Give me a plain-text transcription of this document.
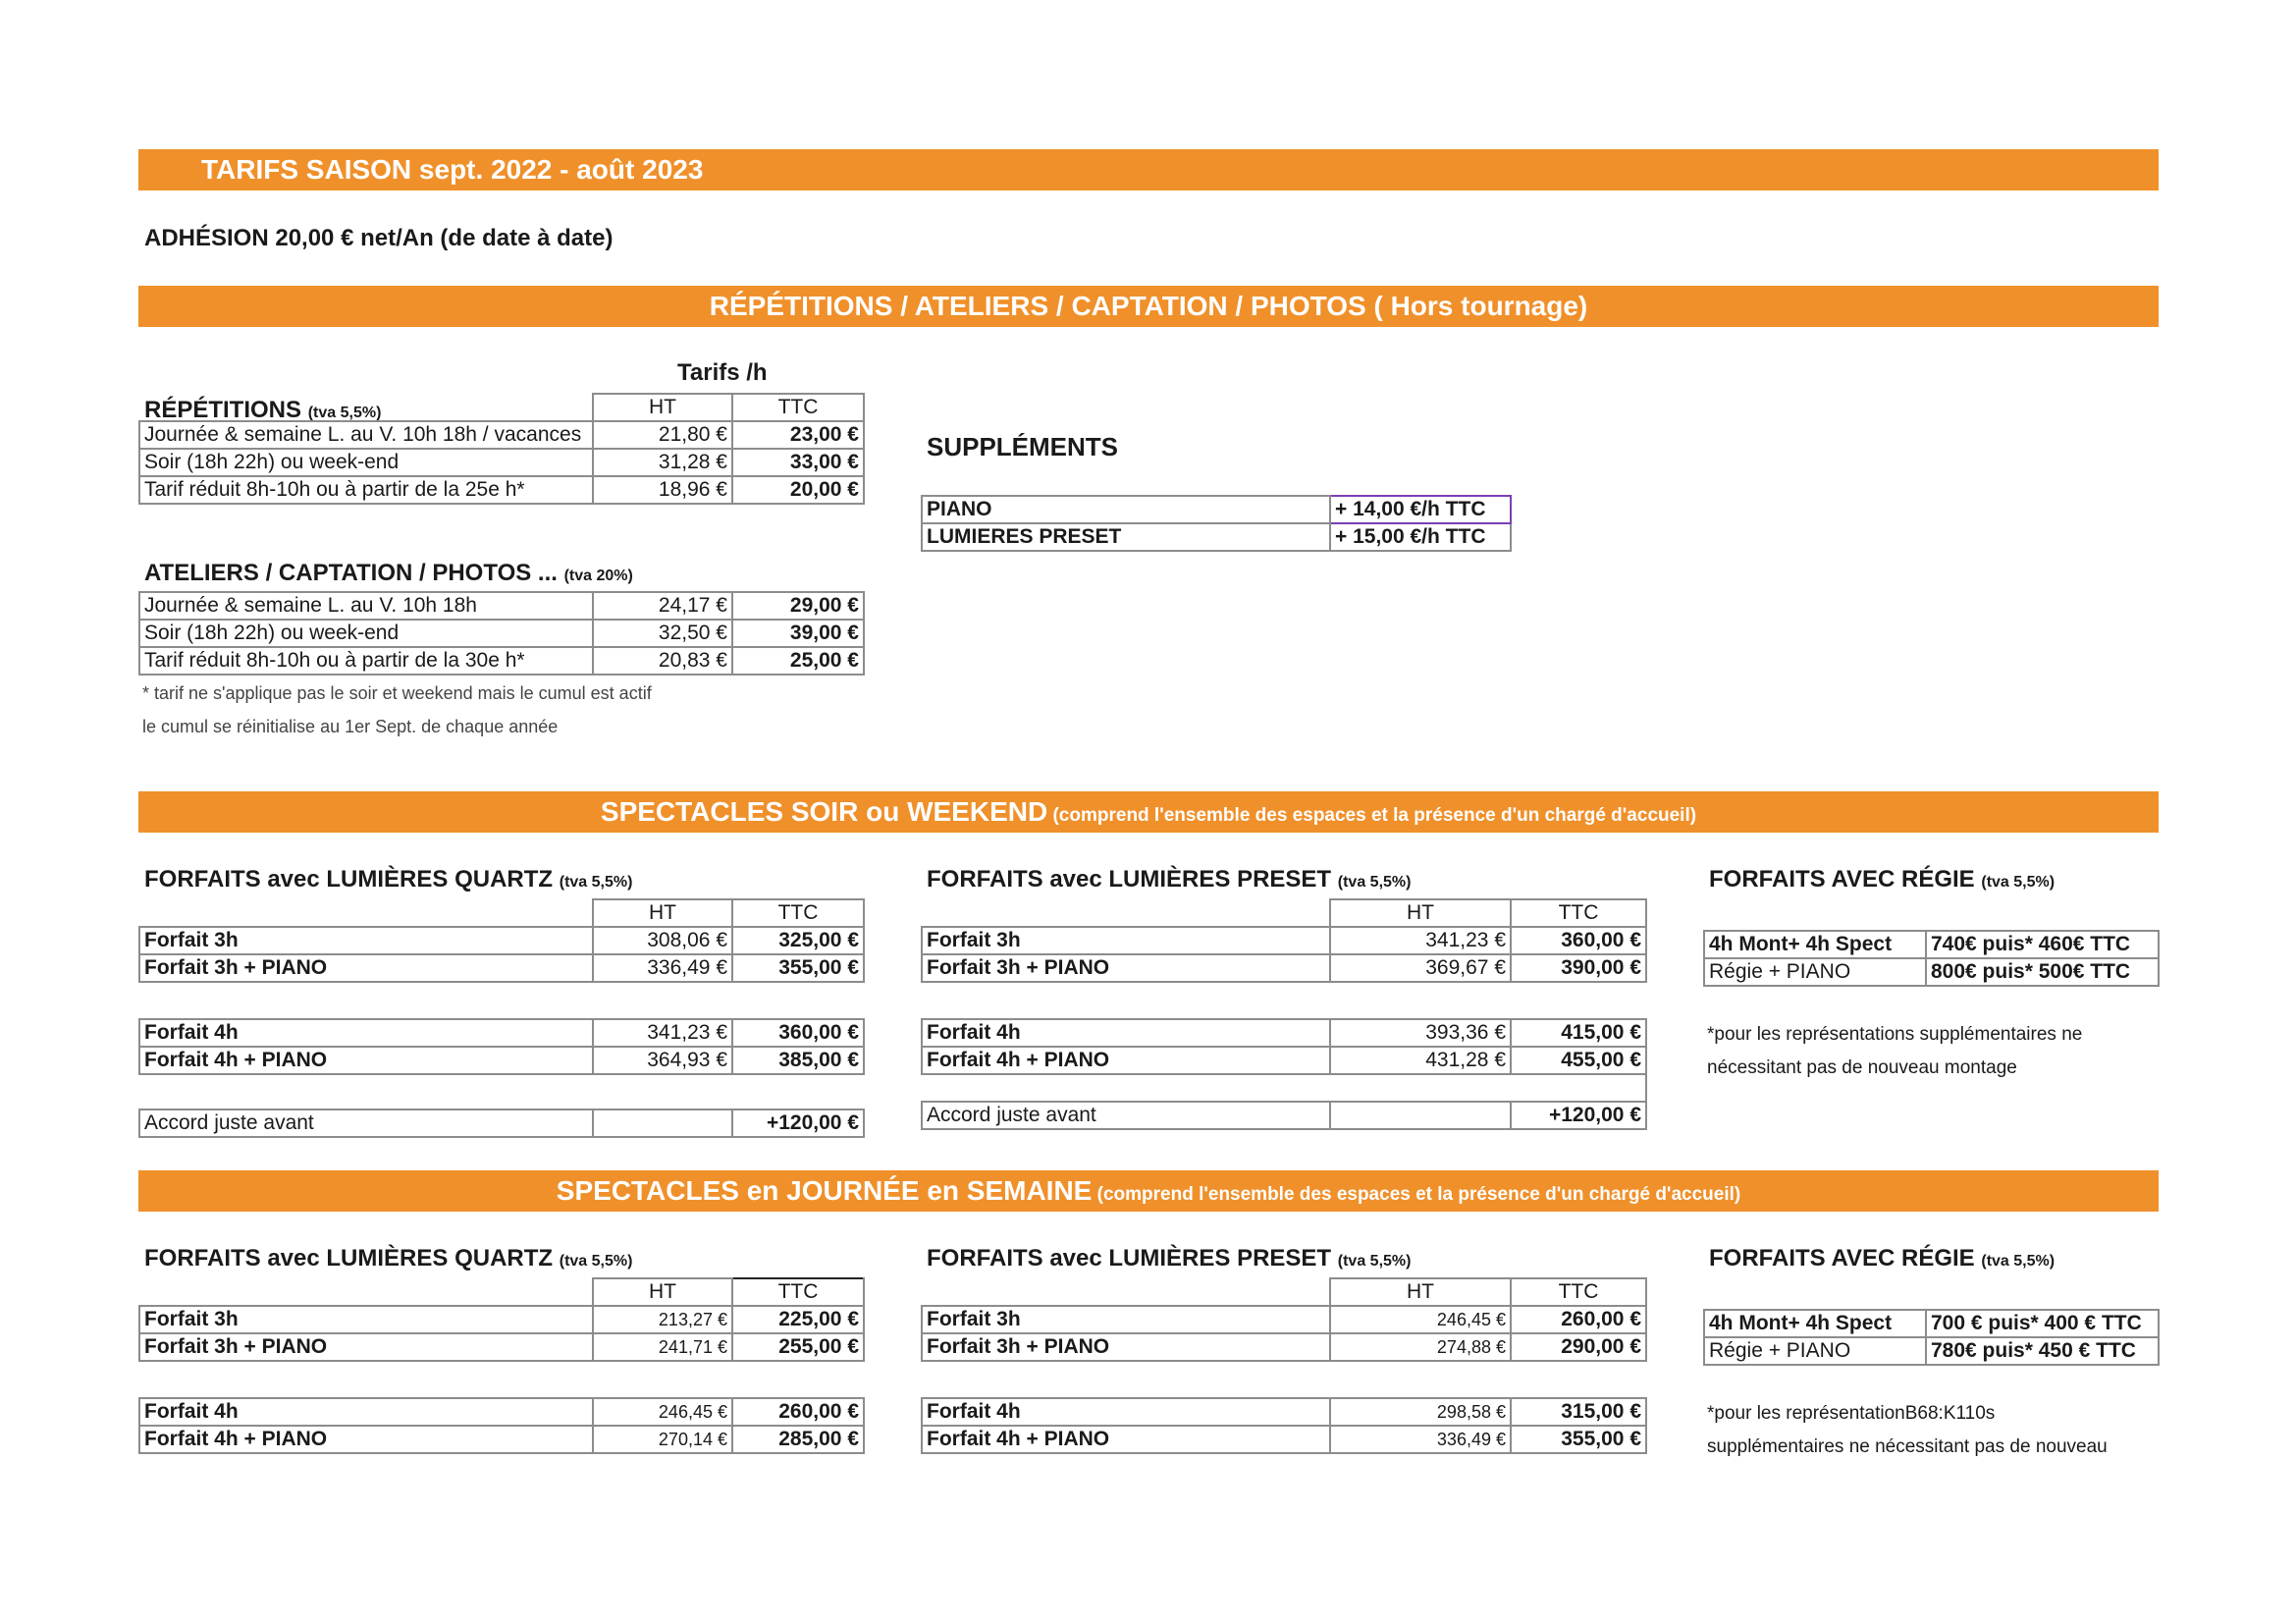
TARIFS SAISON sept. 2022 - août 2023
ADHÉSION 20,00 € net/An (de date à date)
RÉPÉTITIONS / ATELIERS / CAPTATION / PHOTOS ( Hors tournage)
Tarifs /h
RÉPÉTITIONS (tva 5,5%)
		HT	TTC
Journée & semaine L. au V. 10h 18h / vacances	21,80 €	23,00 €
Soir (18h 22h) ou week-end	31,28 €	33,00 €
Tarif réduit 8h-10h ou à partir de la 25e h*	18,96 €	20,00 €
ATELIERS / CAPTATION / PHOTOS ... (tva 20%)
Journée & semaine L. au V. 10h 18h	24,17 €	29,00 €
Soir (18h 22h) ou week-end	32,50 €	39,00 €
Tarif réduit 8h-10h ou à partir de la 30e h*	20,83 €	25,00 €
* tarif ne s'applique pas le soir et weekend mais le cumul est actif
le cumul se réinitialise au 1er Sept. de chaque année
SUPPLÉMENTS
PIANO	+ 14,00 €/h TTC
LUMIERES PRESET	+ 15,00 €/h TTC
SPECTACLES SOIR ou WEEKEND (comprend l'ensemble des espaces et la présence d'un chargé d'accueil)
FORFAITS avec LUMIÈRES QUARTZ (tva 5,5%)
	HT	TTC
Forfait 3h	308,06 €	325,00 €
Forfait 3h + PIANO	336,49 €	355,00 €
Forfait 4h	341,23 €	360,00 €
Forfait 4h + PIANO	364,93 €	385,00 €
Accord juste avant		+120,00 €
FORFAITS avec LUMIÈRES PRESET (tva 5,5%)
	HT	TTC
Forfait 3h	341,23 €	360,00 €
Forfait 3h + PIANO	369,67 €	390,00 €
Forfait 4h	393,36 €	415,00 €
Forfait 4h + PIANO	431,28 €	455,00 €

Accord juste avant		+120,00 €
FORFAITS AVEC RÉGIE (tva 5,5%)
4h Mont+ 4h Spect	740€ puis* 460€ TTC
Régie + PIANO	800€ puis* 500€ TTC
*pour les représentations supplémentaires ne
nécessitant pas de nouveau montage
SPECTACLES en JOURNÉE en SEMAINE (comprend l'ensemble des espaces et la présence d'un chargé d'accueil)
FORFAITS avec LUMIÈRES QUARTZ (tva 5,5%)
	HT	TTC
Forfait 3h	213,27 €	225,00 €
Forfait 3h + PIANO	241,71 €	255,00 €
Forfait 4h	246,45 €	260,00 €
Forfait 4h + PIANO	270,14 €	285,00 €
FORFAITS avec LUMIÈRES PRESET (tva 5,5%)
	HT	TTC
Forfait 3h	246,45 €	260,00 €
Forfait 3h + PIANO	274,88 €	290,00 €
Forfait 4h	298,58 €	315,00 €
Forfait 4h + PIANO	336,49 €	355,00 €
FORFAITS AVEC RÉGIE (tva 5,5%)
4h Mont+ 4h Spect	700 € puis* 400 € TTC
Régie + PIANO	780€ puis* 450 € TTC
*pour les représentationB68:K110s
supplémentaires ne nécessitant pas de nouveau
